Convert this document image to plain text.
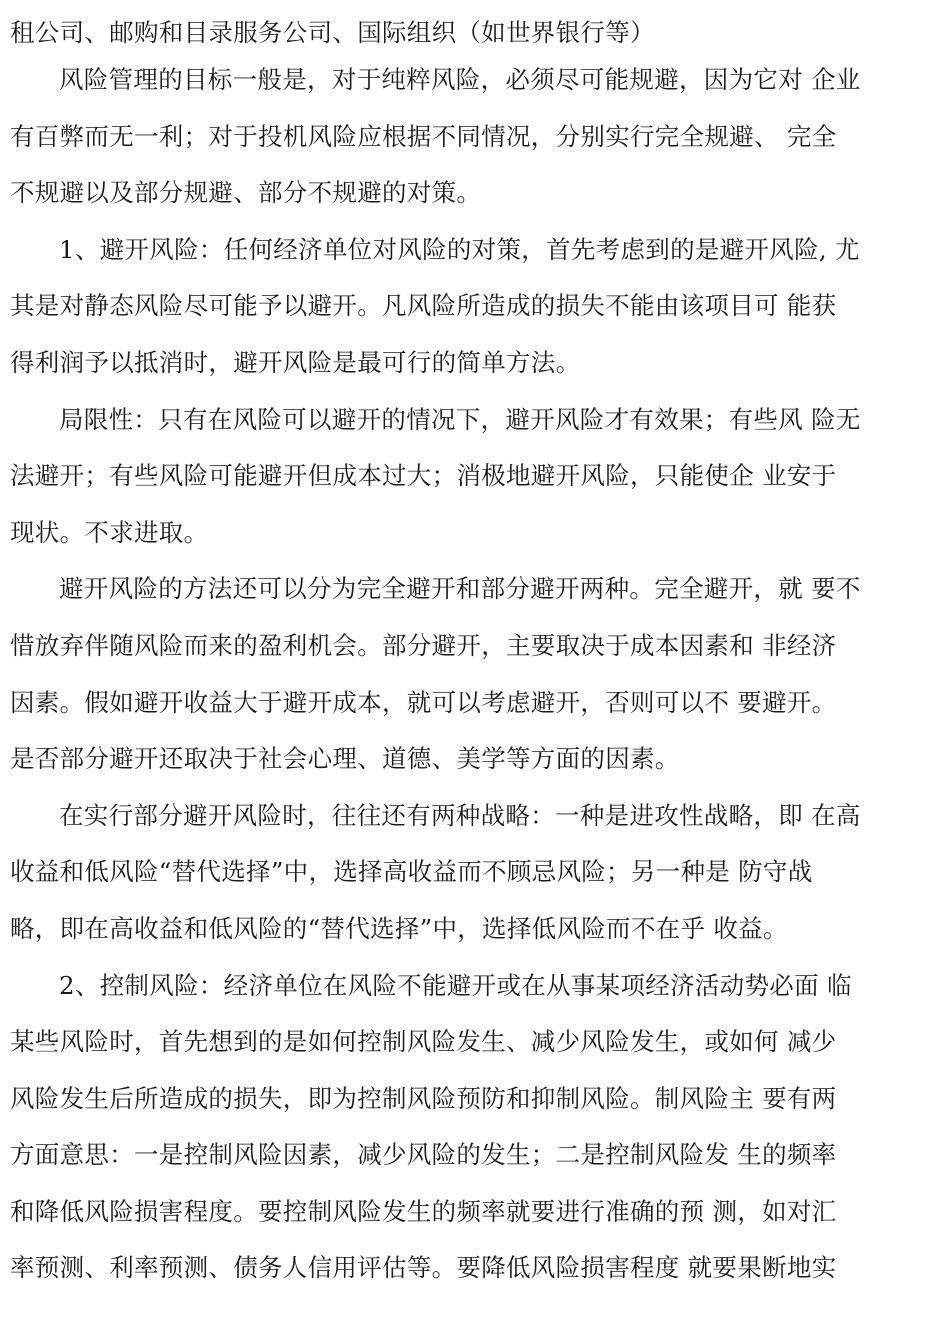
租公司、邮购和目录服务公司、国际组织（如世界银行等）
风险管理的目标一般是，对于纯粹风险，必须尽可能规避，因为它对 企业
有百弊而无一利；对于投机风险应根据不同情况，分别实行完全规避、 完全
不规避以及部分规避、部分不规避的对策。
1、避开风险：任何经济单位对风险的对策，首先考虑到的是避开风险, 尤
其是对静态风险尽可能予以避开。凡风险所造成的损失不能由该项目可 能获
得利润予以抵消时，避开风险是最可行的简单方法。
局限性：只有在风险可以避开的情况下，避开风险才有效果；有些风 险无
法避开；有些风险可能避开但成本过大；消极地避开风险，只能使企 业安于
现状。不求进取。
避开风险的方法还可以分为完全避开和部分避开两种。完全避开，就 要不
惜放弃伴随风险而来的盈利机会。部分避开，主要取决于成本因素和 非经济
因素。假如避开收益大于避开成本，就可以考虑避开，否则可以不 要避开。
是否部分避开还取决于社会心理、道德、美学等方面的因素。
在实行部分避开风险时，往往还有两种战略：一种是进攻性战略，即 在高
收益和低风险“替代选择”中，选择高收益而不顾忌风险；另一种是 防守战
略，即在高收益和低风险的“替代选择”中，选择低风险而不在乎 收益。
2、控制风险：经济单位在风险不能避开或在从事某项经济活动势必面 临
某些风险时，首先想到的是如何控制风险发生、减少风险发生，或如何 减少
风险发生后所造成的损失，即为控制风险预防和抑制风险。制风险主 要有两
方面意思：一是控制风险因素，减少风险的发生；二是控制风险发 生的频率
和降低风险损害程度。要控制风险发生的频率就要进行准确的预 测，如对汇
率预测、利率预测、债务人信用评估等。要降低风险损害程度 就要果断地实
